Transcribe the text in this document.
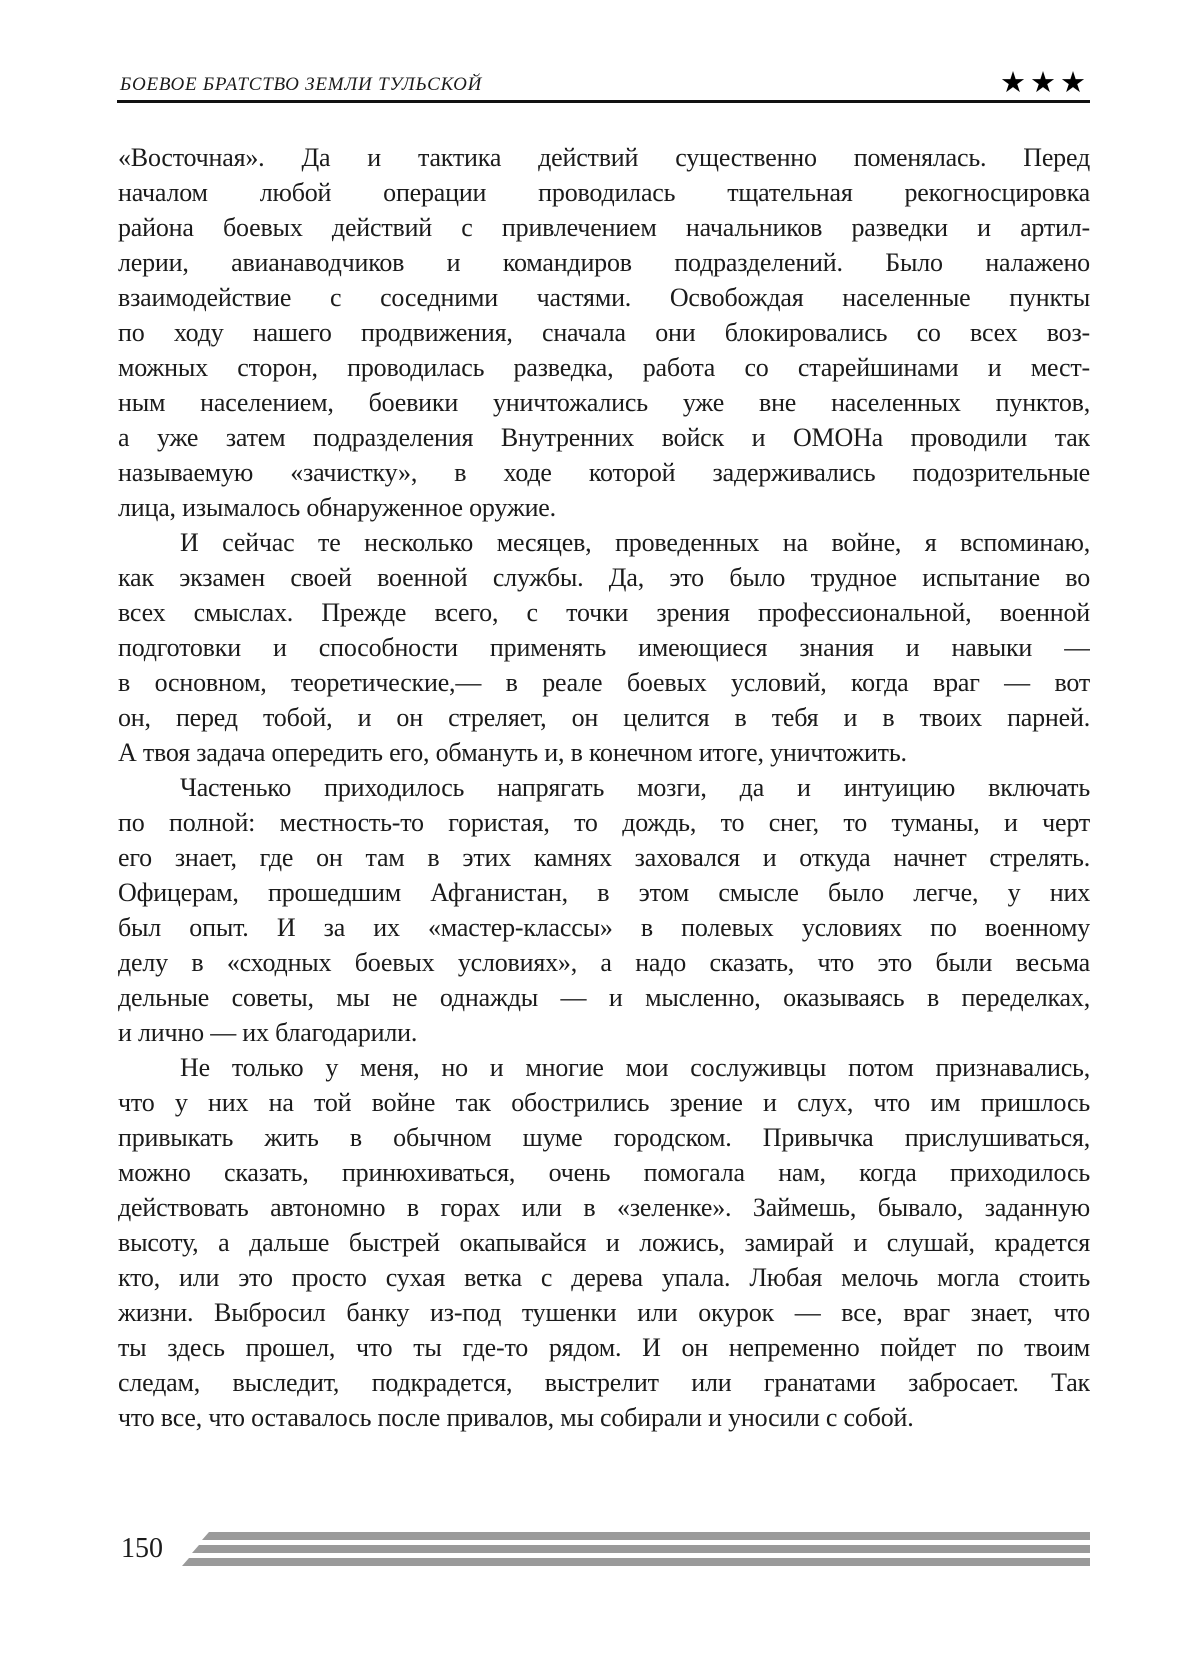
БОЕВОЕ БРАТСТВО ЗЕМЛИ ТУЛЬСКОЙ	★★★
«Восточная». Да и тактика действий существенно поменялась. Перед
началом любой операции проводилась тщательная рекогносцировка
района боевых действий с привлечением начальников разведки и артил-
лерии, авианаводчиков и командиров подразделений. Было налажено
взаимодействие с соседними частями. Освобождая населенные пункты
по ходу нашего продвижения, сначала они блокировались со всех воз-
можных сторон, проводилась разведка, работа со старейшинами и мест-
ным населением, боевики уничтожались уже вне населенных пунктов,
а уже затем подразделения Внутренних войск и ОМОНа проводили так
называемую «зачистку», в ходе которой задерживались подозрительные
лица, изымалось обнаруженное оружие.
И сейчас те несколько месяцев, проведенных на войне, я вспоминаю,
как экзамен своей военной службы. Да, это было трудное испытание во
всех смыслах. Прежде всего, с точки зрения профессиональной, военной
подготовки и способности применять имеющиеся знания и навыки —
в основном, теоретические,— в реале боевых условий, когда враг — вот
он, перед тобой, и он стреляет, он целится в тебя и в твоих парней.
А твоя задача опередить его, обмануть и, в конечном итоге, уничтожить.
Частенько приходилось напрягать мозги, да и интуицию включать
по полной: местность-то гористая, то дождь, то снег, то туманы, и черт
его знает, где он там в этих камнях заховался и откуда начнет стрелять.
Офицерам, прошедшим Афганистан, в этом смысле было легче, у них
был опыт. И за их «мастер-классы» в полевых условиях по военному
делу в «сходных боевых условиях», а надо сказать, что это были весьма
дельные советы, мы не однажды — и мысленно, оказываясь в переделках,
и лично — их благодарили.
Не только у меня, но и многие мои сослуживцы потом признавались,
что у них на той войне так обострились зрение и слух, что им пришлось
привыкать жить в обычном шуме городском. Привычка прислушиваться,
можно сказать, принюхиваться, очень помогала нам, когда приходилось
действовать автономно в горах или в «зеленке». Займешь, бывало, заданную
высоту, а дальше быстрей окапывайся и ложись, замирай и слушай, крадется
кто, или это просто сухая ветка с дерева упала. Любая мелочь могла стоить
жизни. Выбросил банку из-под тушенки или окурок — все, враг знает, что
ты здесь прошел, что ты где-то рядом. И он непременно пойдет по твоим
следам, выследит, подкрадется, выстрелит или гранатами забросает. Так
что все, что оставалось после привалов, мы собирали и уносили с собой.
150
